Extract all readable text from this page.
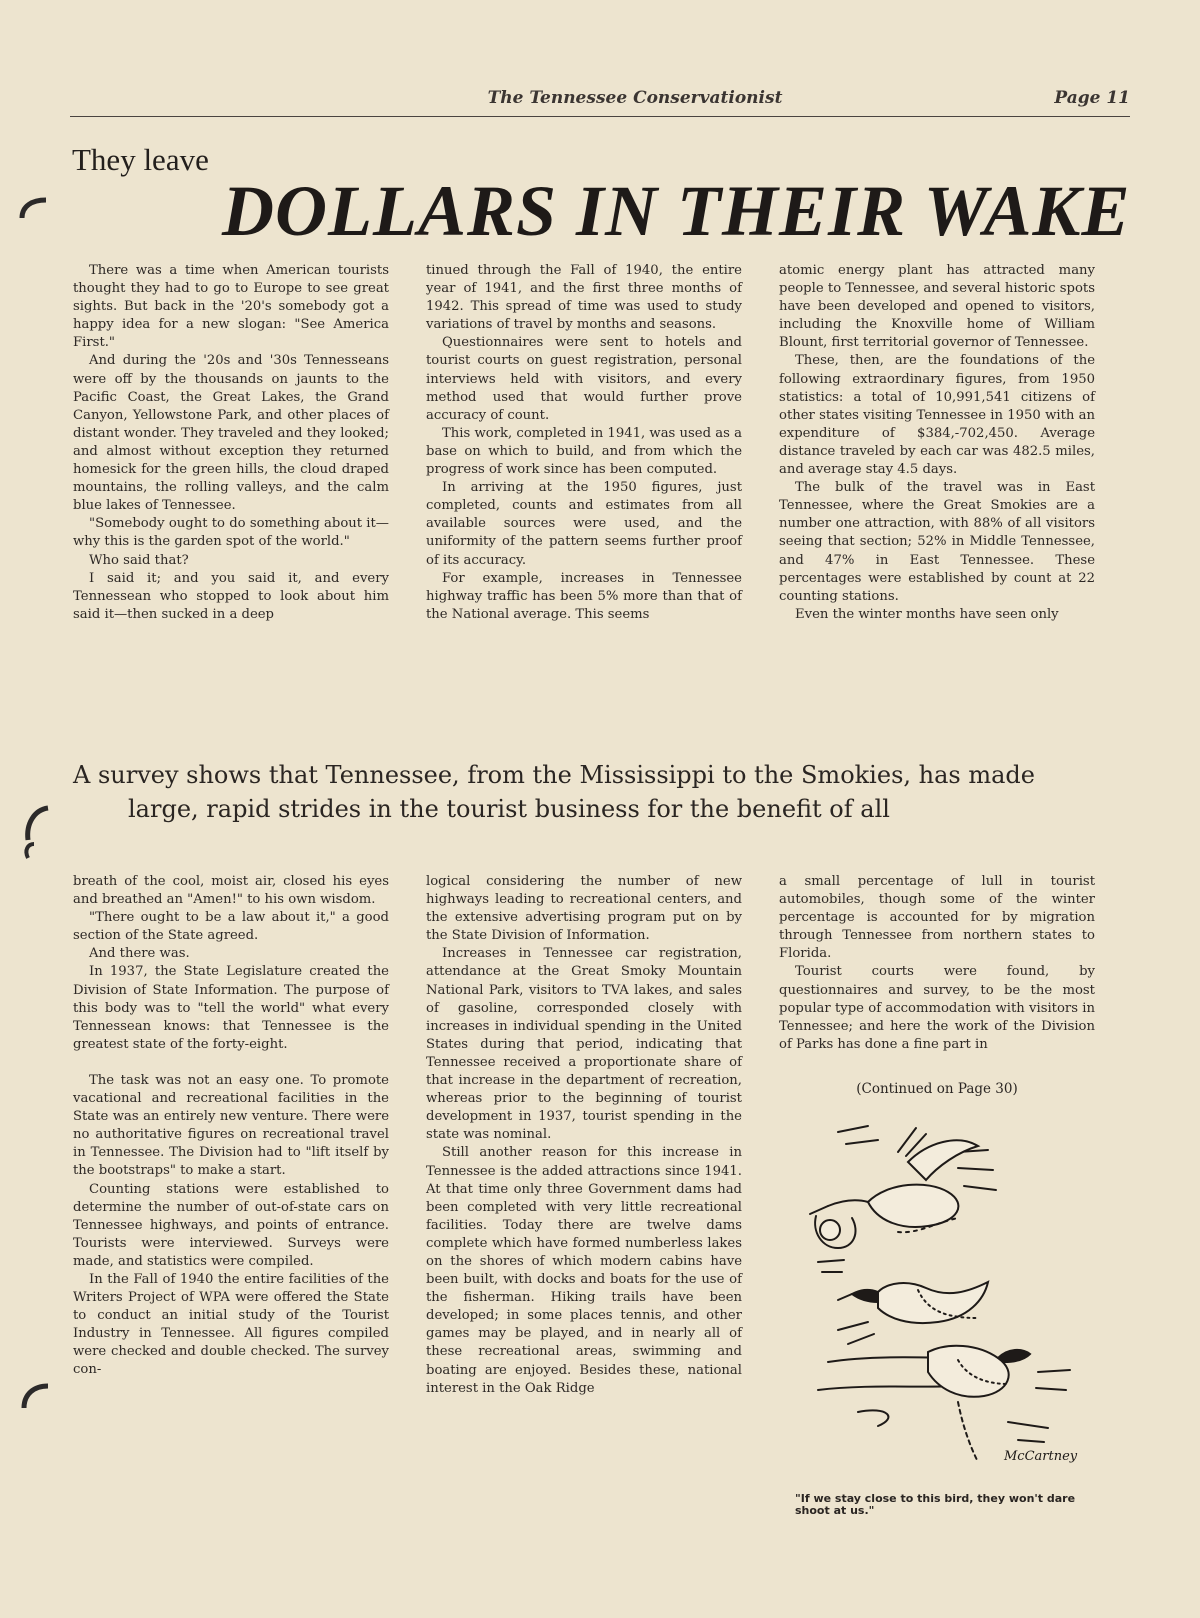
The Tennessee Conservationist	Page 11
They leave
DOLLARS IN THEIR WAKE

There was a time when American tourists thought they had to go to Europe to see great sights. But back in the '20's somebody got a happy idea for a new slogan: "See America First."

And during the '20s and '30s Tennesseans were off by the thousands on jaunts to the Pacific Coast, the Great Lakes, the Grand Canyon, Yellowstone Park, and other places of distant wonder. They traveled and they looked; and almost without exception they returned homesick for the green hills, the cloud draped mountains, the rolling valleys, and the calm blue lakes of Tennessee.

"Somebody ought to do something about it—why this is the garden spot of the world."

Who said that?

I said it; and you said it, and every Tennessean who stopped to look about him said it—then sucked in a deep

tinued through the Fall of 1940, the entire year of 1941, and the first three months of 1942. This spread of time was used to study variations of travel by months and seasons.

Questionnaires were sent to hotels and tourist courts on guest registration, personal interviews held with visitors, and every method used that would further prove accuracy of count.

This work, completed in 1941, was used as a base on which to build, and from which the progress of work since has been computed.

In arriving at the 1950 figures, just completed, counts and estimates from all available sources were used, and the uniformity of the pattern seems further proof of its accuracy.

For example, increases in Tennessee highway traffic has been 5% more than that of the National average. This seems

atomic energy plant has attracted many people to Tennessee, and several historic spots have been developed and opened to visitors, including the Knoxville home of William Blount, first territorial governor of Tennessee.

These, then, are the foundations of the following extraordinary figures, from 1950 statistics: a total of 10,991,541 citizens of other states visiting Tennessee in 1950 with an expenditure of $384,-702,450. Average distance traveled by each car was 482.5 miles, and average stay 4.5 days.

The bulk of the travel was in East Tennessee, where the Great Smokies are a number one attraction, with 88% of all visitors seeing that section; 52% in Middle Tennessee, and 47% in East Tennessee. These percentages were established by count at 22 counting stations.

Even the winter months have seen only

A survey shows that Tennessee, from the Mississippi to the Smokies, has made
large, rapid strides in the tourist business for the benefit of all

breath of the cool, moist air, closed his eyes and breathed an "Amen!" to his own wisdom.

"There ought to be a law about it," a good section of the State agreed.

And there was.

In 1937, the State Legislature created the Division of State Information. The purpose of this body was to "tell the world" what every Tennessean knows: that Tennessee is the greatest state of the forty-eight.

The task was not an easy one. To promote vacational and recreational facilities in the State was an entirely new venture. There were no authoritative figures on recreational travel in Tennessee. The Division had to "lift itself by the bootstraps" to make a start.

Counting stations were established to determine the number of out-of-state cars on Tennessee highways, and points of entrance. Tourists were interviewed. Surveys were made, and statistics were compiled.

In the Fall of 1940 the entire facilities of the Writers Project of WPA were offered the State to conduct an initial study of the Tourist Industry in Tennessee. All figures compiled were checked and double checked. The survey con-

logical considering the number of new highways leading to recreational centers, and the extensive advertising program put on by the State Division of Information.

Increases in Tennessee car registration, attendance at the Great Smoky Mountain National Park, visitors to TVA lakes, and sales of gasoline, corresponded closely with increases in individual spending in the United States during that period, indicating that Tennessee received a proportionate share of that increase in the department of recreation, whereas prior to the beginning of tourist development in 1937, tourist spending in the state was nominal.

Still another reason for this increase in Tennessee is the added attractions since 1941. At that time only three Government dams had been completed with very little recreational facilities. Today there are twelve dams complete which have formed numberless lakes on the shores of which modern cabins have been built, with docks and boats for the use of the fisherman. Hiking trails have been developed; in some places tennis, and other games may be played, and in nearly all of these recreational areas, swimming and boating are enjoyed. Besides these, national interest in the Oak Ridge

a small percentage of lull in tourist automobiles, though some of the winter percentage is accounted for by migration through Tennessee from northern states to Florida.

Tourist courts were found, by questionnaires and survey, to be the most popular type of accommodation with visitors in Tennessee; and here the work of the Division of Parks has done a fine part in

(Continued on Page 30)
McCartney
"If we stay close to this bird, they won't dare shoot at us."
